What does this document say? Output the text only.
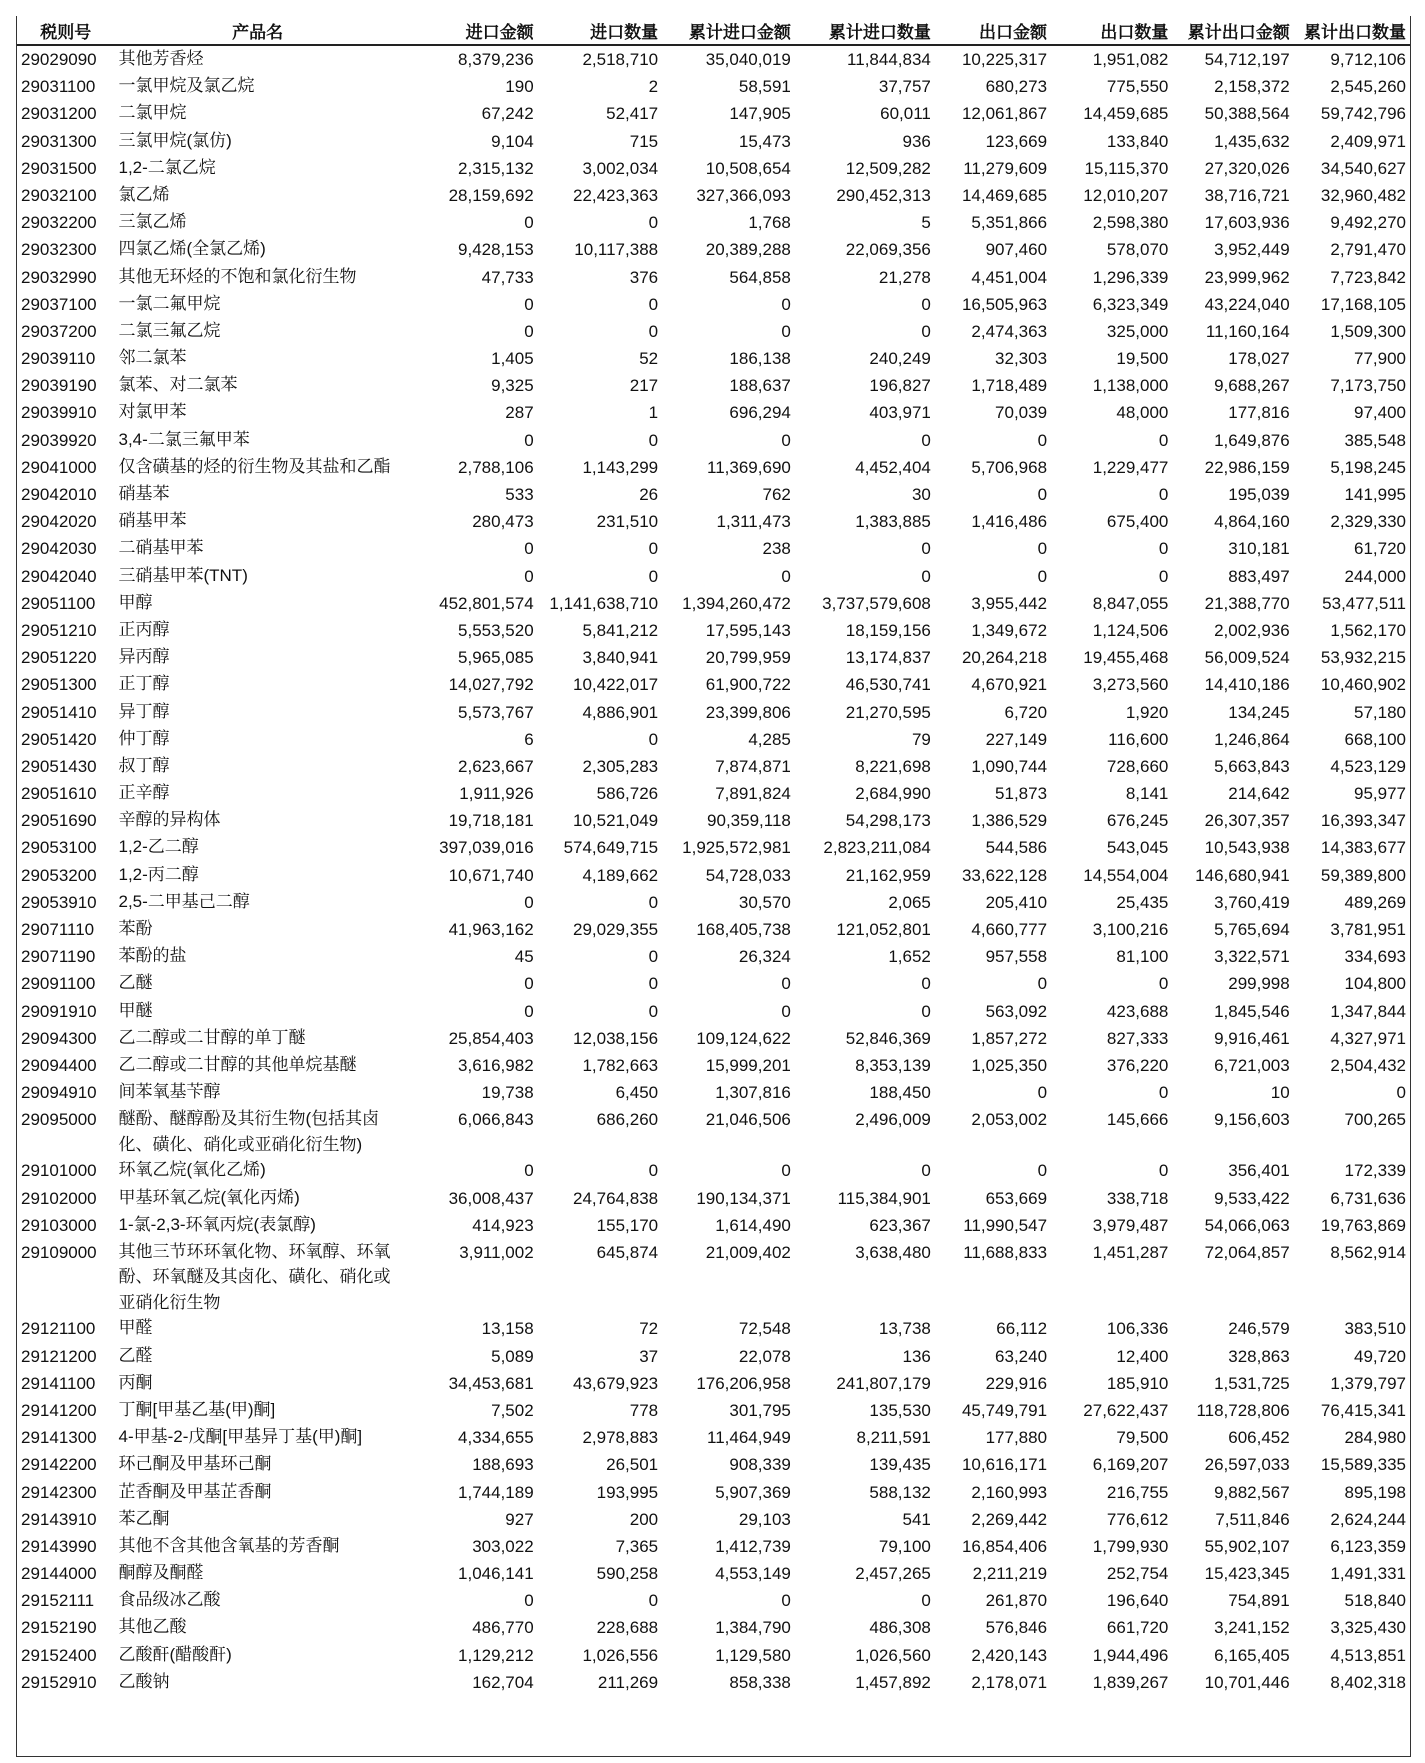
税则号	产品名	进口金额	进口数量	累计进口金额	累计进口数量	出口金额	出口数量	累计出口金额	累计出口数量
29029090	其他芳香烃	8,379,236	2,518,710	35,040,019	11,844,834	10,225,317	1,951,082	54,712,197	9,712,106
29031100	一氯甲烷及氯乙烷	190	2	58,591	37,757	680,273	775,550	2,158,372	2,545,260
29031200	二氯甲烷	67,242	52,417	147,905	60,011	12,061,867	14,459,685	50,388,564	59,742,796
29031300	三氯甲烷(氯仿)	9,104	715	15,473	936	123,669	133,840	1,435,632	2,409,971
29031500	1,2-二氯乙烷	2,315,132	3,002,034	10,508,654	12,509,282	11,279,609	15,115,370	27,320,026	34,540,627
29032100	氯乙烯	28,159,692	22,423,363	327,366,093	290,452,313	14,469,685	12,010,207	38,716,721	32,960,482
29032200	三氯乙烯	0	0	1,768	5	5,351,866	2,598,380	17,603,936	9,492,270
29032300	四氯乙烯(全氯乙烯)	9,428,153	10,117,388	20,389,288	22,069,356	907,460	578,070	3,952,449	2,791,470
29032990	其他无环烃的不饱和氯化衍生物	47,733	376	564,858	21,278	4,451,004	1,296,339	23,999,962	7,723,842
29037100	一氯二氟甲烷	0	0	0	0	16,505,963	6,323,349	43,224,040	17,168,105
29037200	二氯三氟乙烷	0	0	0	0	2,474,363	325,000	11,160,164	1,509,300
29039110	邻二氯苯	1,405	52	186,138	240,249	32,303	19,500	178,027	77,900
29039190	氯苯、对二氯苯	9,325	217	188,637	196,827	1,718,489	1,138,000	9,688,267	7,173,750
29039910	对氯甲苯	287	1	696,294	403,971	70,039	48,000	177,816	97,400
29039920	3,4-二氯三氟甲苯	0	0	0	0	0	0	1,649,876	385,548
29041000	仅含磺基的烃的衍生物及其盐和乙酯	2,788,106	1,143,299	11,369,690	4,452,404	5,706,968	1,229,477	22,986,159	5,198,245
29042010	硝基苯	533	26	762	30	0	0	195,039	141,995
29042020	硝基甲苯	280,473	231,510	1,311,473	1,383,885	1,416,486	675,400	4,864,160	2,329,330
29042030	二硝基甲苯	0	0	238	0	0	0	310,181	61,720
29042040	三硝基甲苯(TNT)	0	0	0	0	0	0	883,497	244,000
29051100	甲醇	452,801,574	1,141,638,710	1,394,260,472	3,737,579,608	3,955,442	8,847,055	21,388,770	53,477,511
29051210	正丙醇	5,553,520	5,841,212	17,595,143	18,159,156	1,349,672	1,124,506	2,002,936	1,562,170
29051220	异丙醇	5,965,085	3,840,941	20,799,959	13,174,837	20,264,218	19,455,468	56,009,524	53,932,215
29051300	正丁醇	14,027,792	10,422,017	61,900,722	46,530,741	4,670,921	3,273,560	14,410,186	10,460,902
29051410	异丁醇	5,573,767	4,886,901	23,399,806	21,270,595	6,720	1,920	134,245	57,180
29051420	仲丁醇	6	0	4,285	79	227,149	116,600	1,246,864	668,100
29051430	叔丁醇	2,623,667	2,305,283	7,874,871	8,221,698	1,090,744	728,660	5,663,843	4,523,129
29051610	正辛醇	1,911,926	586,726	7,891,824	2,684,990	51,873	8,141	214,642	95,977
29051690	辛醇的异构体	19,718,181	10,521,049	90,359,118	54,298,173	1,386,529	676,245	26,307,357	16,393,347
29053100	1,2-乙二醇	397,039,016	574,649,715	1,925,572,981	2,823,211,084	544,586	543,045	10,543,938	14,383,677
29053200	1,2-丙二醇	10,671,740	4,189,662	54,728,033	21,162,959	33,622,128	14,554,004	146,680,941	59,389,800
29053910	2,5-二甲基己二醇	0	0	30,570	2,065	205,410	25,435	3,760,419	489,269
29071110	苯酚	41,963,162	29,029,355	168,405,738	121,052,801	4,660,777	3,100,216	5,765,694	3,781,951
29071190	苯酚的盐	45	0	26,324	1,652	957,558	81,100	3,322,571	334,693
29091100	乙醚	0	0	0	0	0	0	299,998	104,800
29091910	甲醚	0	0	0	0	563,092	423,688	1,845,546	1,347,844
29094300	乙二醇或二甘醇的单丁醚	25,854,403	12,038,156	109,124,622	52,846,369	1,857,272	827,333	9,916,461	4,327,971
29094400	乙二醇或二甘醇的其他单烷基醚	3,616,982	1,782,663	15,999,201	8,353,139	1,025,350	376,220	6,721,003	2,504,432
29094910	间苯氧基苄醇	19,738	6,450	1,307,816	188,450	0	0	10	0
29095000	醚酚、醚醇酚及其衍生物(包括其卤化、磺化、硝化或亚硝化衍生物)	6,066,843	686,260	21,046,506	2,496,009	2,053,002	145,666	9,156,603	700,265
29101000	环氧乙烷(氧化乙烯)	0	0	0	0	0	0	356,401	172,339
29102000	甲基环氧乙烷(氧化丙烯)	36,008,437	24,764,838	190,134,371	115,384,901	653,669	338,718	9,533,422	6,731,636
29103000	1-氯-2,3-环氧丙烷(表氯醇)	414,923	155,170	1,614,490	623,367	11,990,547	3,979,487	54,066,063	19,763,869
29109000	其他三节环环氧化物、环氧醇、环氧酚、环氧醚及其卤化、磺化、硝化或亚硝化衍生物	3,911,002	645,874	21,009,402	3,638,480	11,688,833	1,451,287	72,064,857	8,562,914
29121100	甲醛	13,158	72	72,548	13,738	66,112	106,336	246,579	383,510
29121200	乙醛	5,089	37	22,078	136	63,240	12,400	328,863	49,720
29141100	丙酮	34,453,681	43,679,923	176,206,958	241,807,179	229,916	185,910	1,531,725	1,379,797
29141200	丁酮[甲基乙基(甲)酮]	7,502	778	301,795	135,530	45,749,791	27,622,437	118,728,806	76,415,341
29141300	4-甲基-2-戊酮[甲基异丁基(甲)酮]	4,334,655	2,978,883	11,464,949	8,211,591	177,880	79,500	606,452	284,980
29142200	环己酮及甲基环己酮	188,693	26,501	908,339	139,435	10,616,171	6,169,207	26,597,033	15,589,335
29142300	芷香酮及甲基芷香酮	1,744,189	193,995	5,907,369	588,132	2,160,993	216,755	9,882,567	895,198
29143910	苯乙酮	927	200	29,103	541	2,269,442	776,612	7,511,846	2,624,244
29143990	其他不含其他含氧基的芳香酮	303,022	7,365	1,412,739	79,100	16,854,406	1,799,930	55,902,107	6,123,359
29144000	酮醇及酮醛	1,046,141	590,258	4,553,149	2,457,265	2,211,219	252,754	15,423,345	1,491,331
29152111	食品级冰乙酸	0	0	0	0	261,870	196,640	754,891	518,840
29152190	其他乙酸	486,770	228,688	1,384,790	486,308	576,846	661,720	3,241,152	3,325,430
29152400	乙酸酐(醋酸酐)	1,129,212	1,026,556	1,129,580	1,026,560	2,420,143	1,944,496	6,165,405	4,513,851
29152910	乙酸钠	162,704	211,269	858,338	1,457,892	2,178,071	1,839,267	10,701,446	8,402,318
